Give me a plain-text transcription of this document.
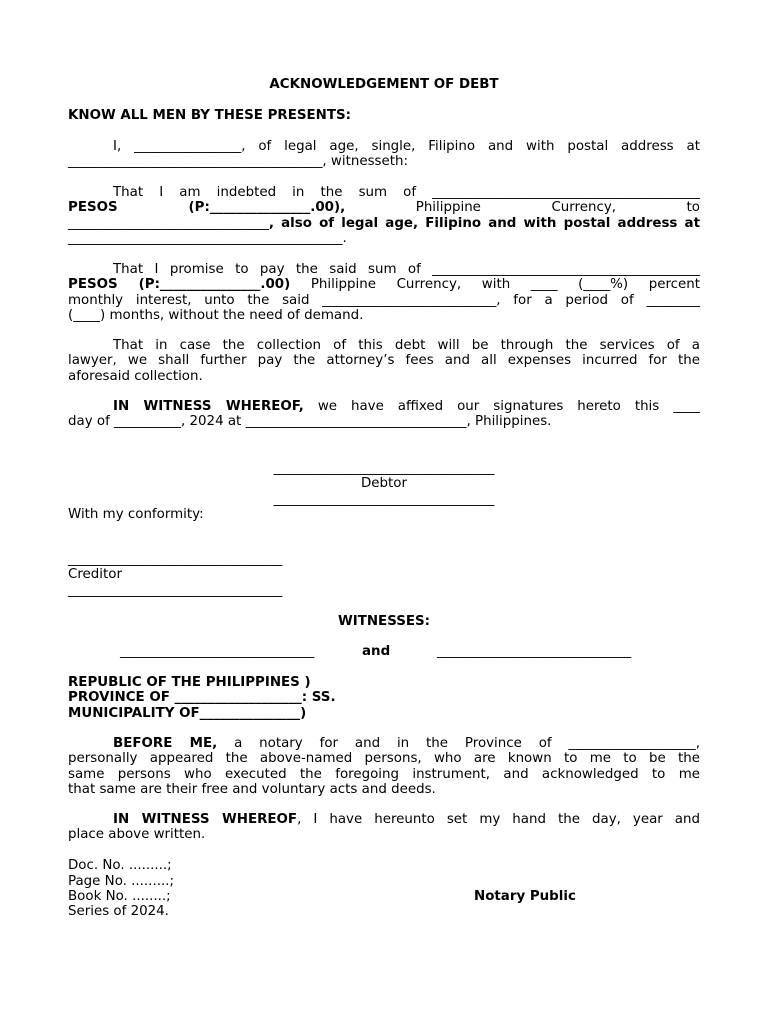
ACKNOWLEDGEMENT OF DEBT
KNOW ALL MEN BY THESE PRESENTS:
I, ________________, of legal age, single, Filipino and with postal address at
______________________________________, witnesseth:
That I am indebted in the sum of ________________________________________
PESOS (P:_______________.00),	Philippine Currency, to
______________________________, also of legal age, Filipino and with postal address at
_________________________________________.
That I promise to pay the said sum of ________________________________________
PESOS (P:_______________.00) Philippine Currency, with ____ (____%) percent
monthly interest, unto the said __________________________, for a period of ________
(____) months, without the need of demand.
That in case the collection of this debt will be through the services of a
lawyer, we shall further pay the attorney’s fees and all expenses incurred for the
aforesaid collection.
IN WITNESS WHEREOF, we have affixed our signatures hereto this ____
day of __________, 2024 at _________________________________, Philippines.
_________________________________
Debtor
_________________________________
With my conformity:
________________________________
Creditor
________________________________
WITNESSES:
_____________________________	and	_____________________________
REPUBLIC OF THE PHILIPPINES )
PROVINCE OF ___________________: SS.
MUNICIPALITY OF_______________)
BEFORE ME, a notary for and in the Province of ___________________,
personally appeared the above-named persons, who are known to me to be the
same persons who executed the foregoing instrument, and acknowledged to me
that same are their free and voluntary acts and deeds.
IN WITNESS WHEREOF, I have hereunto set my hand the day, year and
place above written.
Doc. No. .........;
Page No. .........;
Book No. ........;
Series of 2024.
Notary Public
